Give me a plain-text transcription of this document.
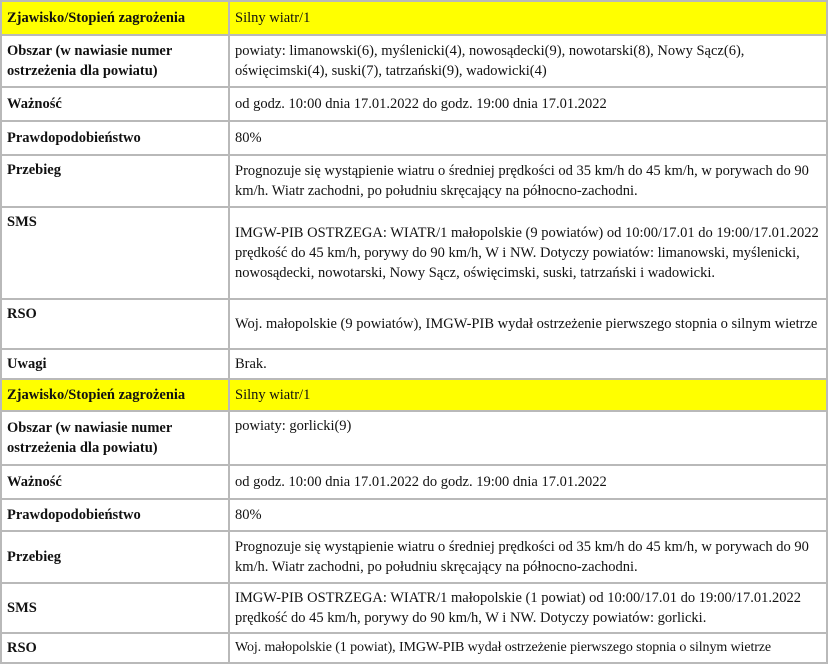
Zjawisko/Stopień zagrożenia	Silny wiatr/1
Obszar (w nawiasie numer ostrzeżenia dla powiatu)	powiaty: limanowski(6), myślenicki(4), nowosądecki(9), nowotarski(8), Nowy Sącz(6), oświęcimski(4), suski(7), tatrzański(9), wadowicki(4)
Ważność	od godz. 10:00 dnia 17.01.2022 do godz. 19:00 dnia 17.01.2022
Prawdopodobieństwo	80%
Przebieg	Prognozuje się wystąpienie wiatru o średniej prędkości od 35 km/h do 45 km/h, w porywach do 90 km/h. Wiatr zachodni, po południu skręcający na północno-zachodni.
SMS	IMGW-PIB OSTRZEGA: WIATR/1 małopolskie (9 powiatów) od 10:00/17.01 do 19:00/17.01.2022 prędkość do 45 km/h, porywy do 90 km/h, W i NW. Dotyczy powiatów: limanowski, myślenicki, nowosądecki, nowotarski, Nowy Sącz, oświęcimski, suski, tatrzański i wadowicki.
RSO	Woj. małopolskie (9 powiatów), IMGW-PIB wydał ostrzeżenie pierwszego stopnia o silnym wietrze
Uwagi	Brak.
Zjawisko/Stopień zagrożenia	Silny wiatr/1
Obszar (w nawiasie numer ostrzeżenia dla powiatu)	powiaty: gorlicki(9)
Ważność	od godz. 10:00 dnia 17.01.2022 do godz. 19:00 dnia 17.01.2022
Prawdopodobieństwo	80%
Przebieg	Prognozuje się wystąpienie wiatru o średniej prędkości od 35 km/h do 45 km/h, w porywach do 90 km/h. Wiatr zachodni, po południu skręcający na północno-zachodni.
SMS	IMGW-PIB OSTRZEGA: WIATR/1 małopolskie (1 powiat) od 10:00/17.01 do 19:00/17.01.2022 prędkość do 45 km/h, porywy do 90 km/h, W i NW. Dotyczy powiatów: gorlicki.
RSO	Woj. małopolskie (1 powiat), IMGW-PIB wydał ostrzeżenie pierwszego stopnia o silnym wietrze
